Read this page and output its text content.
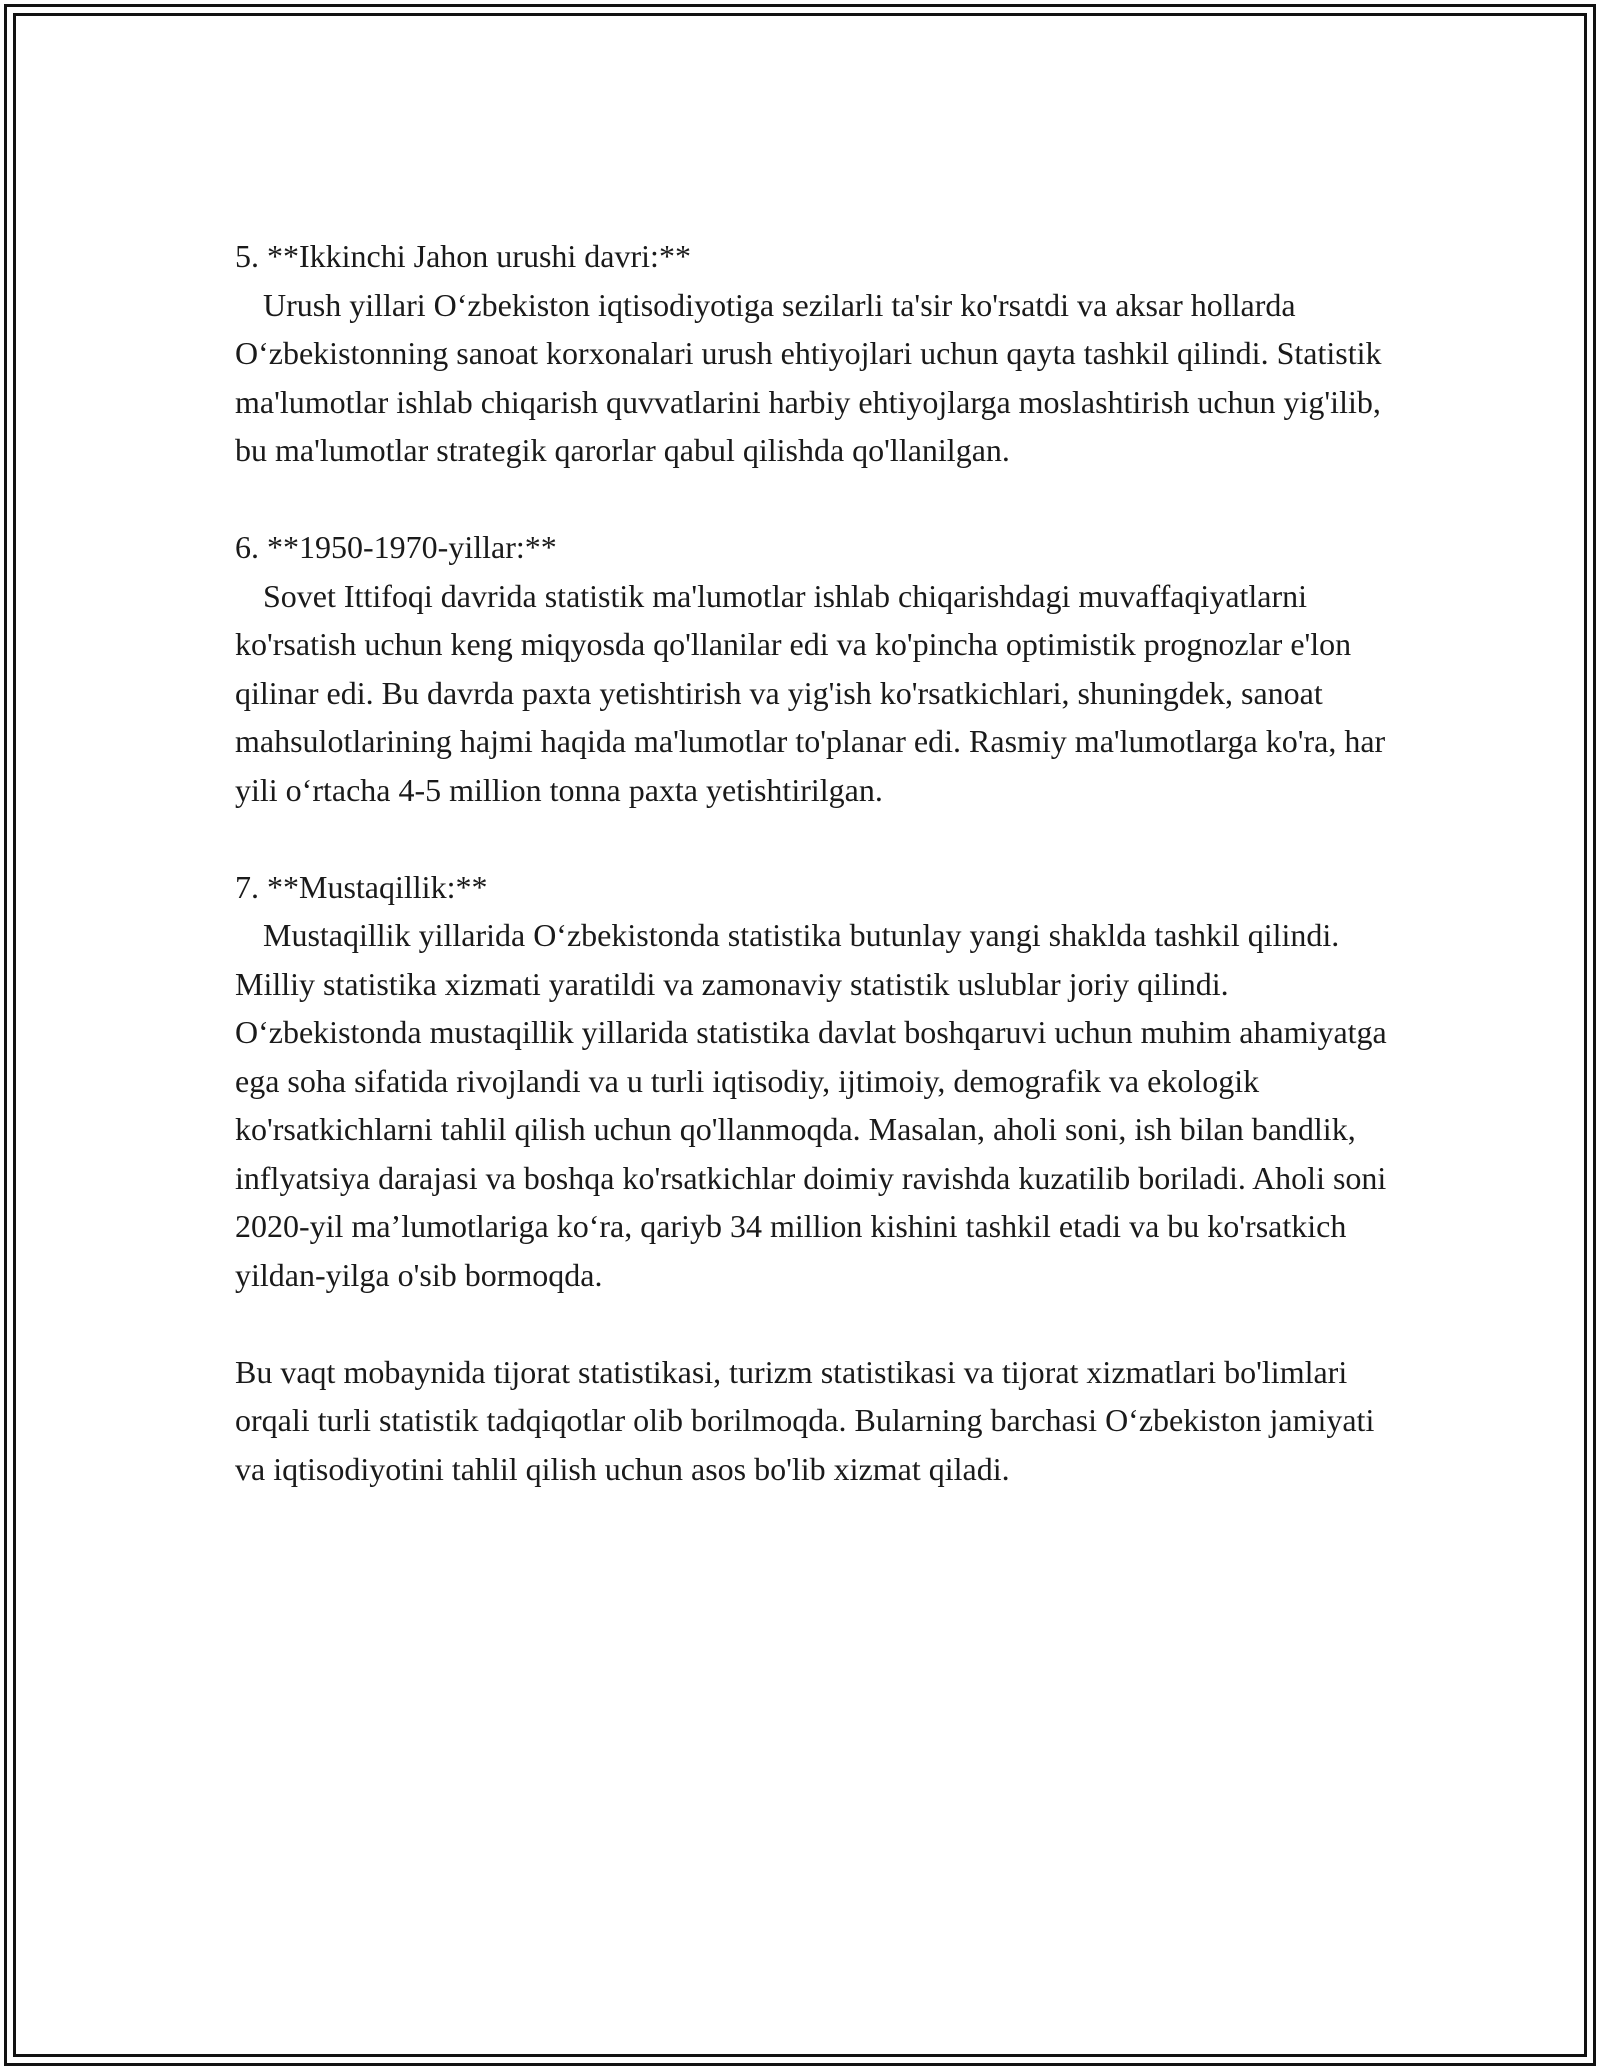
5. **Ikkinchi Jahon urushi davri:**
Urush yillari O‘zbekiston iqtisodiyotiga sezilarli ta'sir ko'rsatdi va aksar hollarda O‘zbekistonning sanoat korxonalari urush ehtiyojlari uchun qayta tashkil qilindi. Statistik ma'lumotlar ishlab chiqarish quvvatlarini harbiy ehtiyojlarga moslashtirish uchun yig'ilib, bu ma'lumotlar strategik qarorlar qabul qilishda qo'llanilgan.
6. **1950-1970-yillar:**
Sovet Ittifoqi davrida statistik ma'lumotlar ishlab chiqarishdagi muvaffaqiyatlarni ko'rsatish uchun keng miqyosda qo'llanilar edi va ko'pincha optimistik prognozlar e'lon qilinar edi. Bu davrda paxta yetishtirish va yig'ish ko'rsatkichlari, shuningdek, sanoat mahsulotlarining hajmi haqida ma'lumotlar to'planar edi. Rasmiy ma'lumotlarga ko'ra, har yili o‘rtacha 4-5 million tonna paxta yetishtirilgan.
7. **Mustaqillik:**
Mustaqillik yillarida O‘zbekistonda statistika butunlay yangi shaklda tashkil qilindi. Milliy statistika xizmati yaratildi va zamonaviy statistik uslublar joriy qilindi. O‘zbekistonda mustaqillik yillarida statistika davlat boshqaruvi uchun muhim ahamiyatga ega soha sifatida rivojlandi va u turli iqtisodiy, ijtimoiy, demografik va ekologik ko'rsatkichlarni tahlil qilish uchun qo'llanmoqda. Masalan, aholi soni, ish bilan bandlik, inflyatsiya darajasi va boshqa ko'rsatkichlar doimiy ravishda kuzatilib boriladi. Aholi soni 2020-yil ma’lumotlariga ko‘ra, qariyb 34 million kishini tashkil etadi va bu ko'rsatkich yildan-yilga o'sib bormoqda.

Bu vaqt mobaynida tijorat statistikasi, turizm statistikasi va tijorat xizmatlari bo'limlari orqali turli statistik tadqiqotlar olib borilmoqda. Bularning barchasi O‘zbekiston jamiyati va iqtisodiyotini tahlil qilish uchun asos bo'lib xizmat qiladi.
